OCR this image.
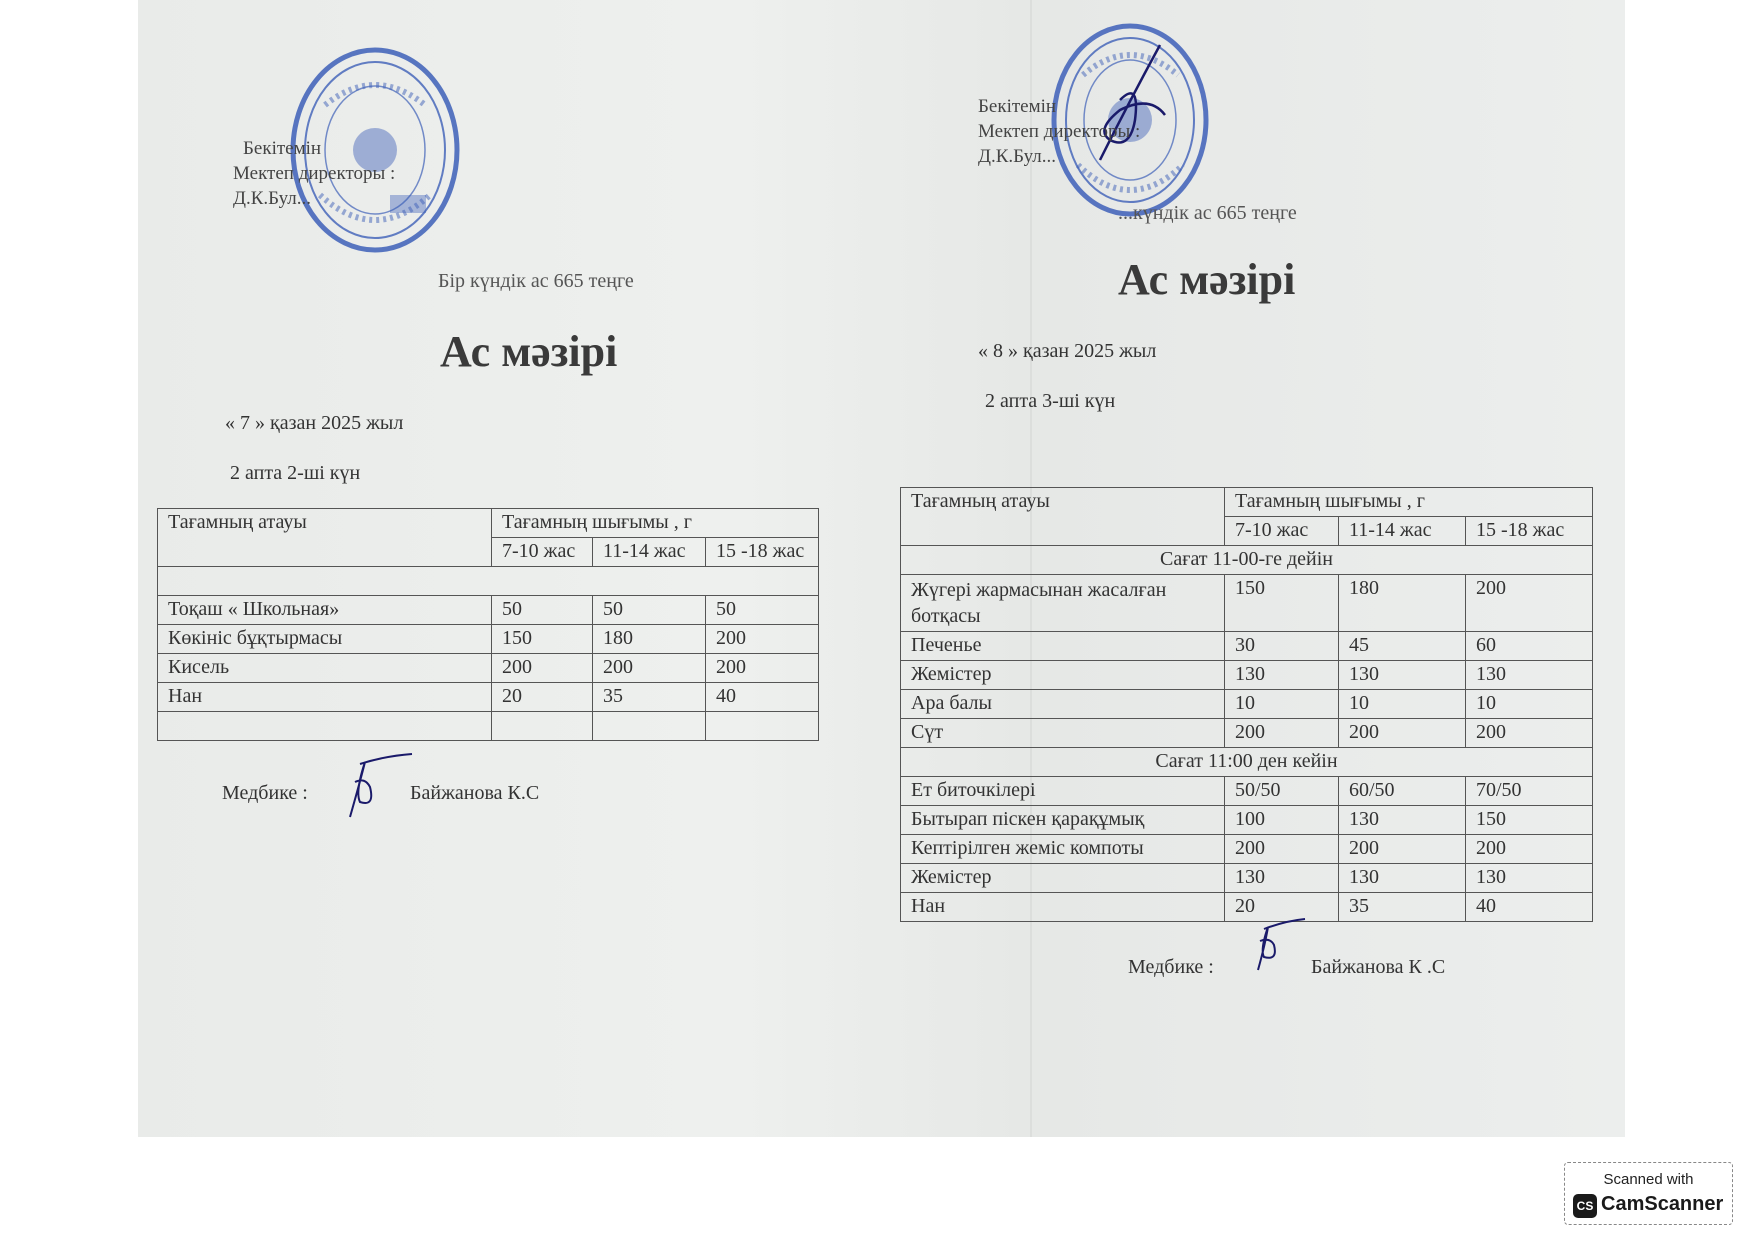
Бекітемін
Мектеп директоры :
Д.К.Бул...
Бір күндік ас 665 теңге
Ас мәзірі
« 7 » қазан 2025 жыл
2 апта 2-ші күн
Тағамның атауы	Тағамның шығымы , г		
	7-10 жас	11-14 жас	15 -18 жас

Тоқаш « Школьная»	50	50	50
Көкініс бұқтырмасы	150	180	200
Кисель	200	200	200
Нан	20	35	40

Медбике :	Байжанова К.С
Бекітемін
Мектеп директоры :
Д.К.Бул...
...күндік ас 665 теңге
Ас мәзірі
« 8 » қазан 2025 жыл
2 апта 3-ші күн
Тағамның атауы	Тағамның шығымы , г		
	7-10 жас	11-14 жас	15 -18 жас
Сағат 11-00-ге дейін			
Жүгері жармасынан жасалған ботқасы	150	180	200
Печенье	30	45	60
Жемістер	130	130	130
Ара балы	10	10	10
Сүт	200	200	200
Сағат 11:00 ден кейін			
Ет биточкілері	50/50	60/50	70/50
Бытырап піскен қарақұмық	100	130	150
Кептірілген жеміс компоты	200	200	200
Жемістер	130	130	130
Нан	20	35	40
Медбике :	Байжанова К .С
Scanned with
CS CamScanner
